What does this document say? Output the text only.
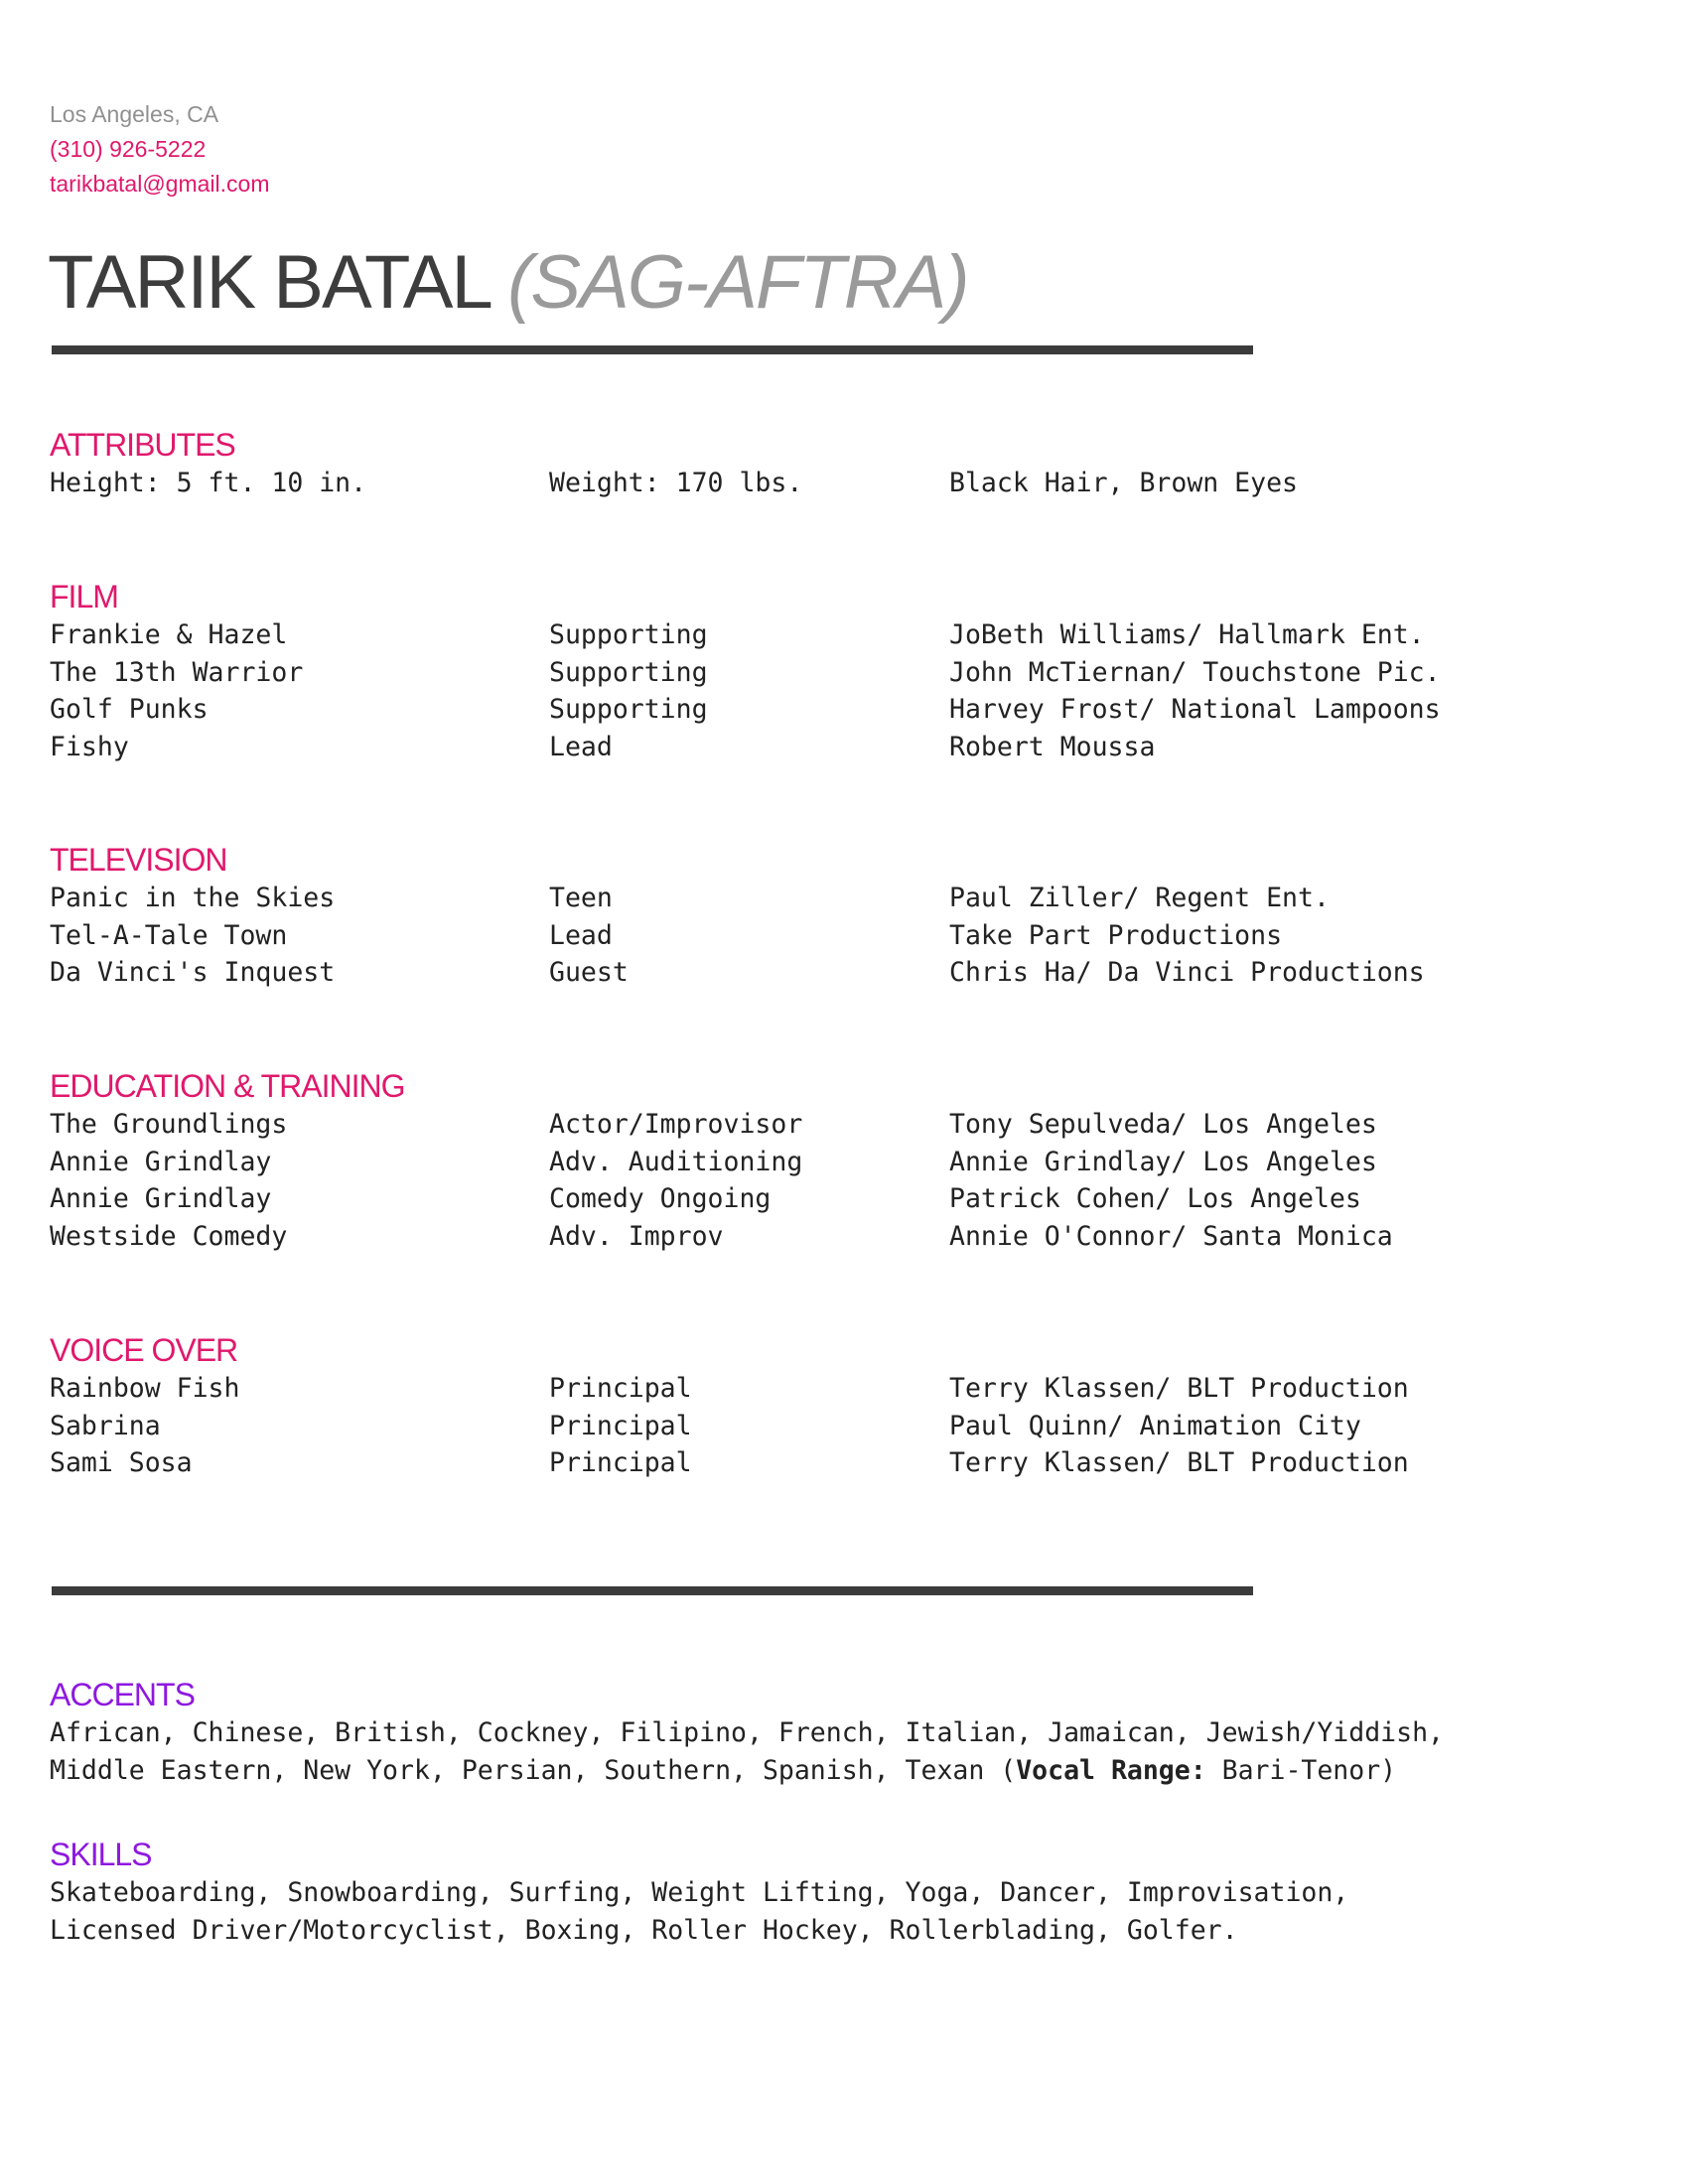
Los Angeles, CA
(310) 926-5222
tarikbatal@gmail.com
TARIK BATAL (SAG-AFTRA)
ATTRIBUTES
Height: 5 ft. 10 in.	Weight: 170 lbs.	Black Hair, Brown Eyes
FILM
Frankie & Hazel	Supporting	JoBeth Williams/ Hallmark Ent.
The 13th Warrior	Supporting	John McTiernan/ Touchstone Pic.
Golf Punks	Supporting	Harvey Frost/ National Lampoons
Fishy	Lead	Robert Moussa
TELEVISION
Panic in the Skies	Teen	Paul Ziller/ Regent Ent.
Tel-A-Tale Town	Lead	Take Part Productions
Da Vinci's Inquest	Guest	Chris Ha/ Da Vinci Productions
EDUCATION & TRAINING
The Groundlings	Actor/Improvisor	Tony Sepulveda/ Los Angeles
Annie Grindlay	Adv. Auditioning	Annie Grindlay/ Los Angeles
Annie Grindlay	Comedy Ongoing	Patrick Cohen/ Los Angeles
Westside Comedy	Adv. Improv	Annie O'Connor/ Santa Monica
VOICE OVER
Rainbow Fish	Principal	Terry Klassen/ BLT Production
Sabrina	Principal	Paul Quinn/ Animation City
Sami Sosa	Principal	Terry Klassen/ BLT Production
ACCENTS
African, Chinese, British, Cockney, Filipino, French, Italian, Jamaican, Jewish/Yiddish,
Middle Eastern, New York, Persian, Southern, Spanish, Texan (Vocal Range: Bari-Tenor)
SKILLS
Skateboarding, Snowboarding, Surfing, Weight Lifting, Yoga, Dancer, Improvisation,
Licensed Driver/Motorcyclist, Boxing, Roller Hockey, Rollerblading, Golfer.
